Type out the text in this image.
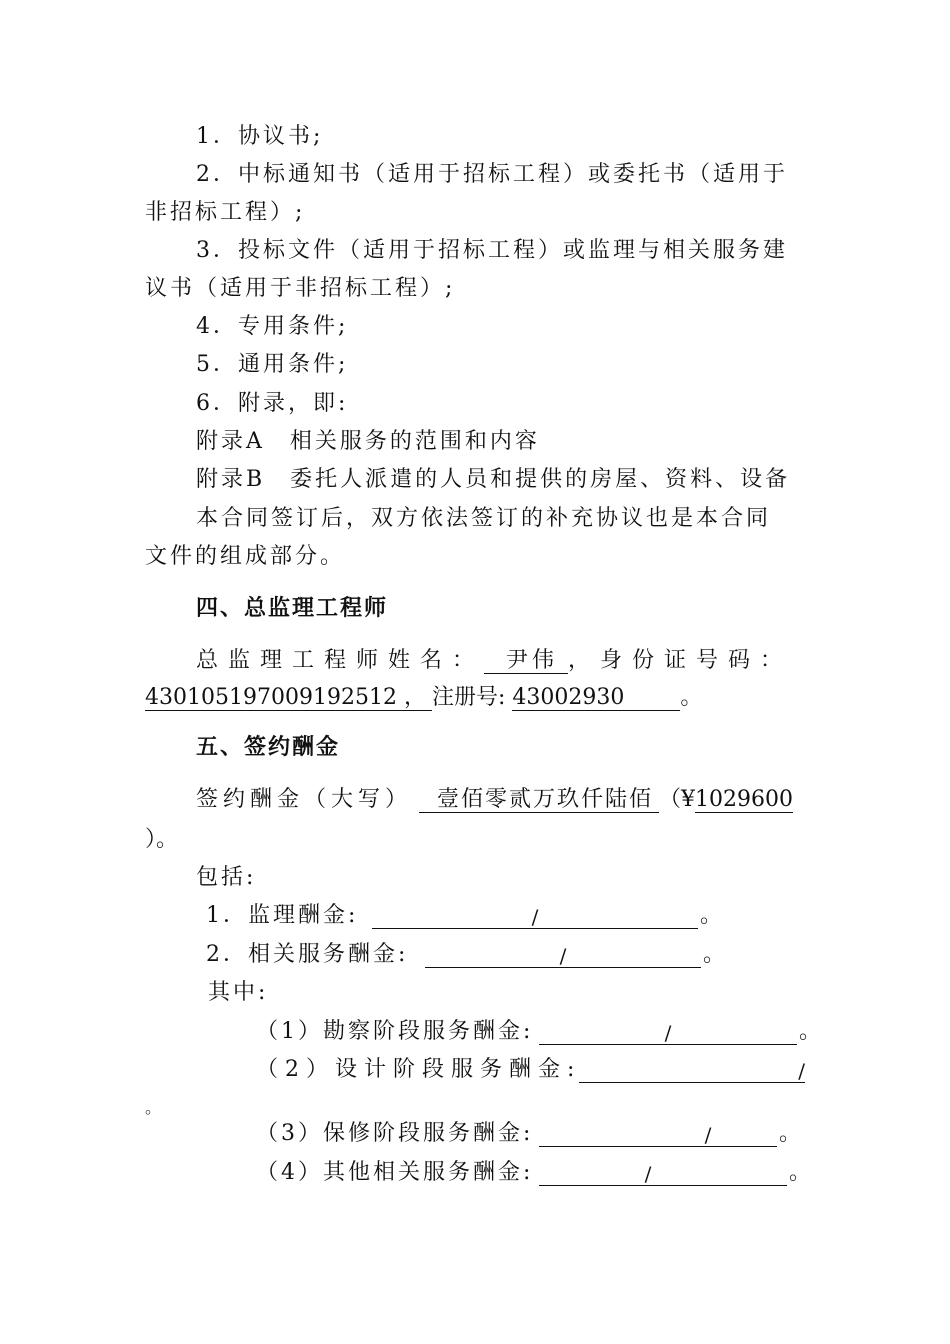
1．协议书;
2．中标通知书（适用于招标工程）或委托书（适用于
非招标工程）;
3．投标文件（适用于招标工程）或监理与相关服务建
议书（适用于非招标工程）;
4．专用条件;
5．通用条件;
6．附录，即:
附录A　相关服务的范围和内容
附录B　委托人派遣的人员和提供的房屋、资料、设备
本合同签订后，双方依法签订的补充协议也是本合同
文件的组成部分。
四、总监理工程师
总监理工程师姓名： 尹伟 ，身份证号码：
430105197009192512 ， 注册号: 43002930	。
五、签约酬金
签约酬金（大写） 壹佰零贰万玖仟陆佰 （¥1029600
）。
包括:
1．监理酬金:	/	。
2．相关服务酬金:	/	。
其中:
（1）勘察阶段服务酬金:	/	。
（2）设计阶段服务酬金:	/
。
（3）保修阶段服务酬金:	/	。
（4）其他相关服务酬金:	/	。
